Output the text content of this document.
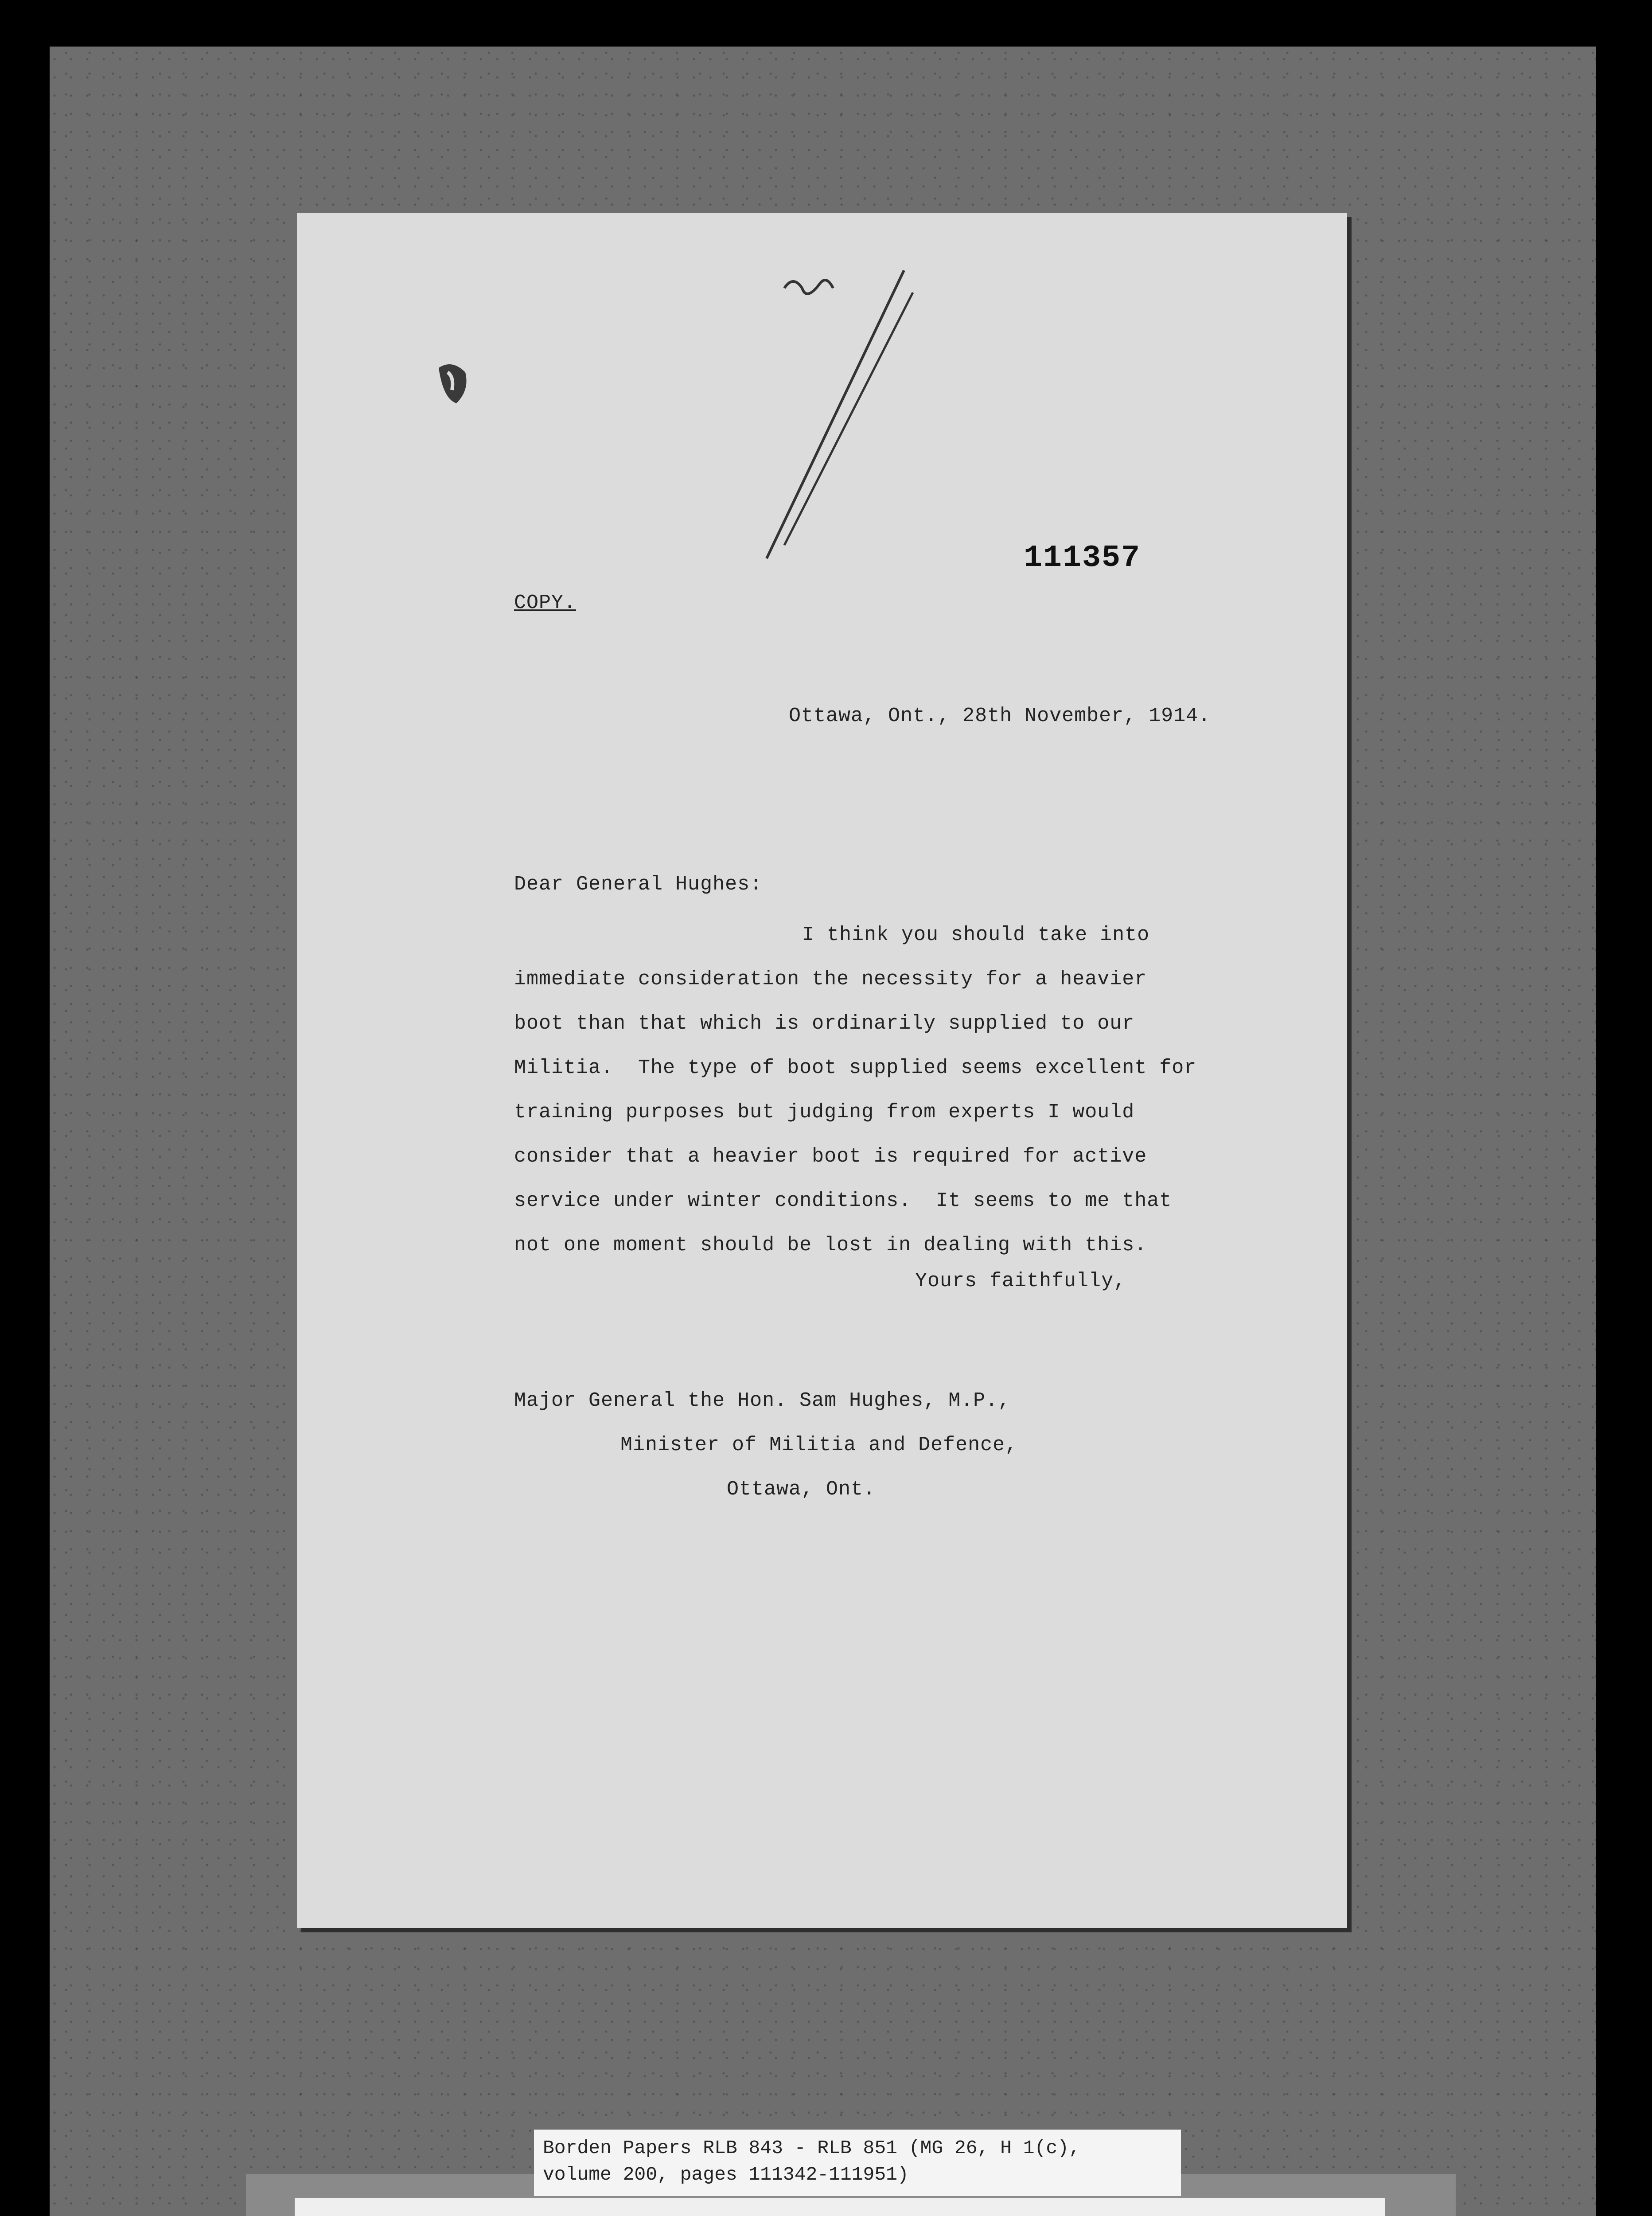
111357
COPY.
Ottawa, Ont., 28th November, 1914.
Dear General Hughes:
I think you should take into
immediate consideration the necessity for a heavier
boot than that which is ordinarily supplied to our
Militia.  The type of boot supplied seems excellent for
training purposes but judging from experts I would
consider that a heavier boot is required for active
service under winter conditions.  It seems to me that
not one moment should be lost in dealing with this.
Yours faithfully,
Major General the Hon. Sam Hughes, M.P.,
Minister of Militia and Defence,
Ottawa, Ont.
Borden Papers RLB 843 - RLB 851 (MG 26, H 1(c),
volume 200, pages 111342-111951)
